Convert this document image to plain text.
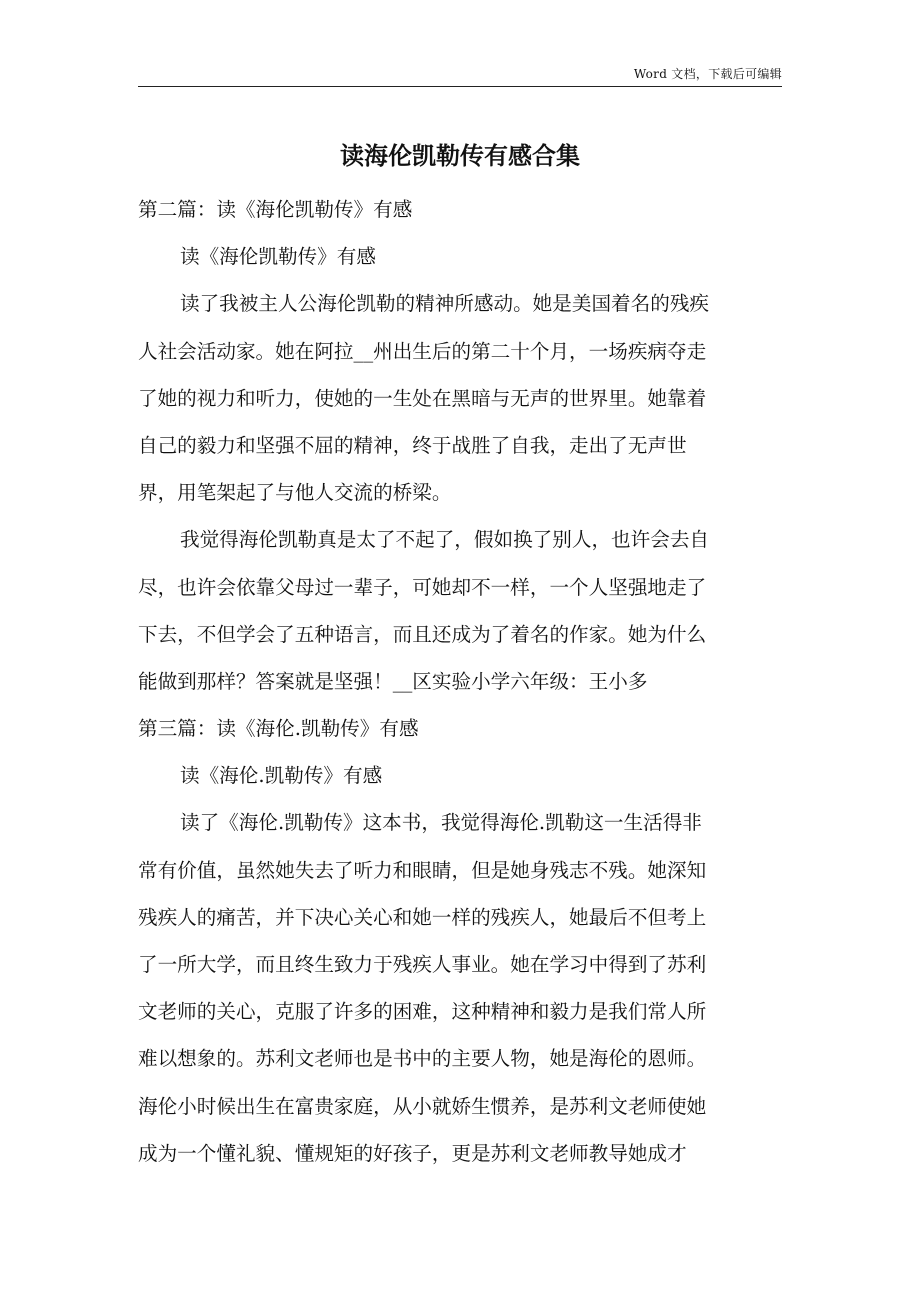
Word 文档，下载后可编辑
读海伦凯勒传有感合集
第二篇：读《海伦凯勒传》有感
读《海伦凯勒传》有感
读了我被主人公海伦凯勒的精神所感动。她是美国着名的残疾
人社会活动家。她在阿拉__州出生后的第二十个月，一场疾病夺走
了她的视力和听力，使她的一生处在黑暗与无声的世界里。她靠着
自己的毅力和坚强不屈的精神，终于战胜了自我，走出了无声世
界，用笔架起了与他人交流的桥梁。
我觉得海伦凯勒真是太了不起了，假如换了别人，也许会去自
尽，也许会依靠父母过一辈子，可她却不一样，一个人坚强地走了
下去，不但学会了五种语言，而且还成为了着名的作家。她为什么
能做到那样？答案就是坚强！__区实验小学六年级：王小多
第三篇：读《海伦.凯勒传》有感
读《海伦.凯勒传》有感
读了《海伦.凯勒传》这本书，我觉得海伦.凯勒这一生活得非
常有价值，虽然她失去了听力和眼睛，但是她身残志不残。她深知
残疾人的痛苦，并下决心关心和她一样的残疾人，她最后不但考上
了一所大学，而且终生致力于残疾人事业。她在学习中得到了苏利
文老师的关心，克服了许多的困难，这种精神和毅力是我们常人所
难以想象的。苏利文老师也是书中的主要人物，她是海伦的恩师。
海伦小时候出生在富贵家庭，从小就娇生惯养，是苏利文老师使她
成为一个懂礼貌、懂规矩的好孩子，更是苏利文老师教导她成才
